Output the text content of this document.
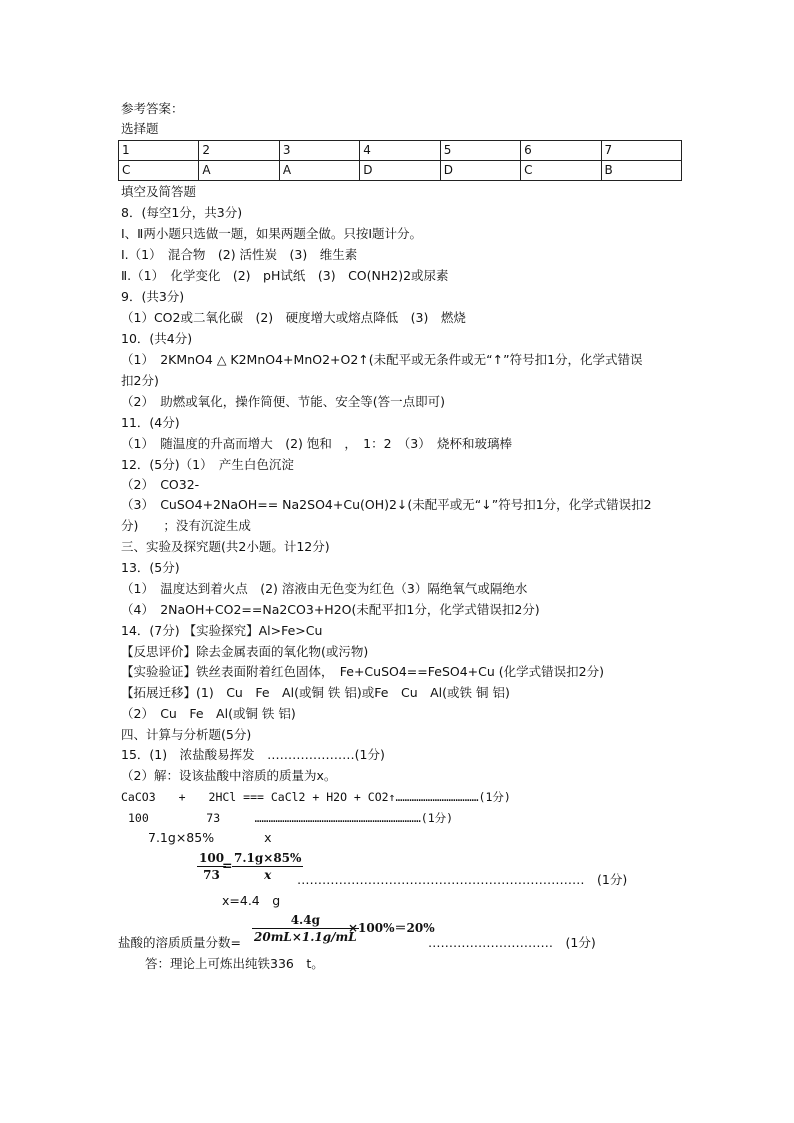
参考答案：
选择题
1	2	3	4	5	6	7
C	A	A	D	D	C	B
填空及简答题
8．(每空1分，共3分)
Ⅰ、Ⅱ两小题只选做一题，如果两题全做。只按Ⅰ题计分。
Ⅰ.（1）　混合物　(2) 活性炭　(3)　维生素
Ⅱ.（1）　化学变化　(2)　pH试纸　(3)　CO(NH2)2或尿素
9．(共3分)
（1）CO2或二氧化碳　(2)　硬度增大或熔点降低　(3)　燃烧
10．(共4分)
（1）　2KMnO4 △ K2MnO4+MnO2+O2↑(未配平或无条件或无“↑”符号扣1分，化学式错误
扣2分)
（2）　助燃或氧化，操作简便、节能、安全等(答一点即可)
11．(4分)
（1）　随温度的升高而增大　(2) 饱和　，　1：2　（3）　烧杯和玻璃棒
12．(5分)（1）　产生白色沉淀
（2）　CO32-
（3）　CuSO4+2NaOH== Na2SO4+Cu(OH)2↓(未配平或无“↓”符号扣1分，化学式错误扣2
分)　　；没有沉淀生成
三、实验及探究题(共2小题。计12分)
13．(5分)
（1）　温度达到着火点　(2) 溶液由无色变为红色（3）隔绝氧气或隔绝水
（4）　2NaOH+CO2==Na2CO3+H2O(未配平扣1分，化学式错误扣2分)
14．(7分) 【实验探究】Al>Fe>Cu
【反思评价】除去金属表面的氧化物(或污物)
【实验验证】铁丝表面附着红色固体，　Fe+CuSO4==FeSO4+Cu (化学式错误扣2分)
【拓展迁移】(1)　Cu　Fe　Al(或铜 铁 铝)或Fe　Cu　Al(或铁 铜 铝)
（2）　Cu　Fe　Al(或铜 铁 铝)
四、计算与分析题(5分)
15．(1)　浓盐酸易挥发　…………………(1分)
（2）解：设该盐酸中溶质的质量为x。
CaCO3　　+　　2HCl === CaCl2 + H2O + CO2↑………………………………(1分)
100　　　　　73　　　………………………………………………………………(1分)
7.1g×85%　　　　x
$\frac{100}{73}$
= $\frac{7.1g\times 85\%}{x}$
……………………………………………………………　(1分)
x=4.4　g
盐酸的溶质质量分数= $\frac{4.4g}{20mL\times 1.1g/mL}$
×100%＝20%
…………………………　(1分)
答：理论上可炼出纯铁336　t。
